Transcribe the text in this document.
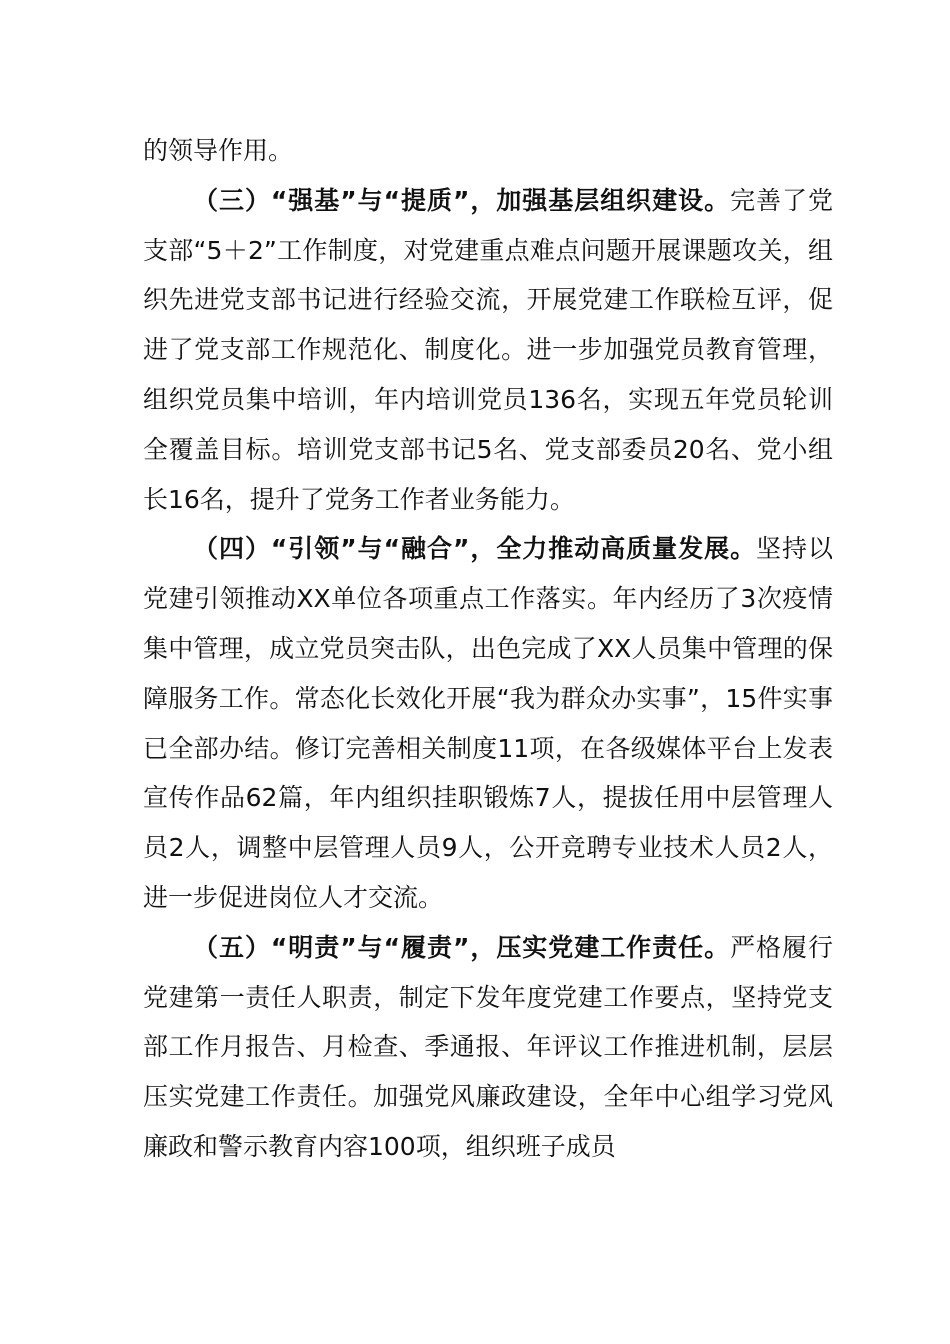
的领导作用。

（三）“强基”与“提质”，加强基层组织建设。完善了党支部“5＋2”工作制度，对党建重点难点问题开展课题攻关，组织先进党支部书记进行经验交流，开展党建工作联检互评，促进了党支部工作规范化、制度化。进一步加强党员教育管理，组织党员集中培训，年内培训党员136名，实现五年党员轮训全覆盖目标。培训党支部书记5名、党支部委员20名、党小组长16名，提升了党务工作者业务能力。

（四）“引领”与“融合”，全力推动高质量发展。坚持以党建引领推动XX单位各项重点工作落实。年内经历了3次疫情集中管理，成立党员突击队，出色完成了XX人员集中管理的保障服务工作。常态化长效化开展“我为群众办实事”，15件实事已全部办结。修订完善相关制度11项，在各级媒体平台上发表宣传作品62篇，年内组织挂职锻炼7人，提拔任用中层管理人员2人，调整中层管理人员9人，公开竞聘专业技术人员2人，进一步促进岗位人才交流。

（五）“明责”与“履责”，压实党建工作责任。严格履行党建第一责任人职责，制定下发年度党建工作要点，坚持党支部工作月报告、月检查、季通报、年评议工作推进机制，层层压实党建工作责任。加强党风廉政建设，全年中心组学习党风廉政和警示教育内容100项，组织班子成员
